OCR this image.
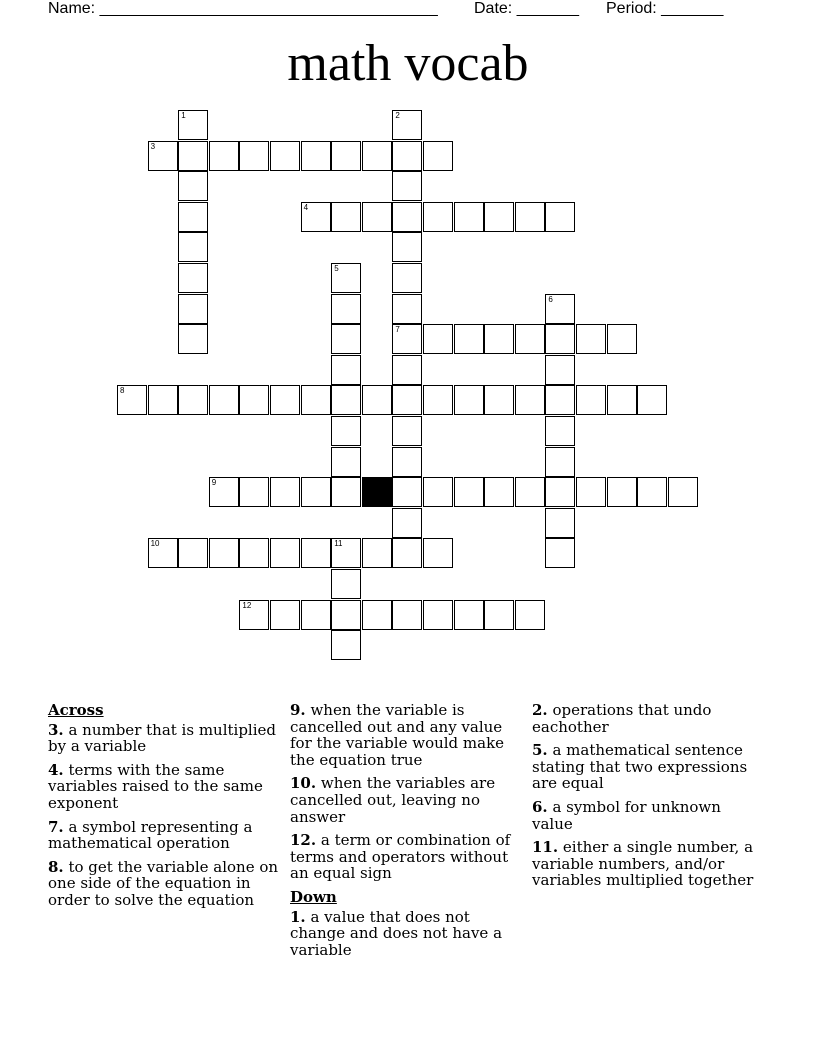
Name: ______________________________________ Date: _______ Period: _______
math vocab
1	2
7
3
4
5
6
8
9
10	11
12
Across
3. a number that is multiplied by a variable
4. terms with the same variables raised to the same exponent
7. a symbol representing a mathematical operation
8. to get the variable alone on one side of the equation in order to solve the equation
9. when the variable is cancelled out and any value for the variable would make the equation true
10. when the variables are cancelled out, leaving no answer
12. a term or combination of terms and operators without an equal sign
Down
1. a value that does not change and does not have a variable
2. operations that undo eachother
5. a mathematical sentence stating that two expressions are equal
6. a symbol for unknown value
11. either a single number, a variable numbers, and/or variables multiplied together
